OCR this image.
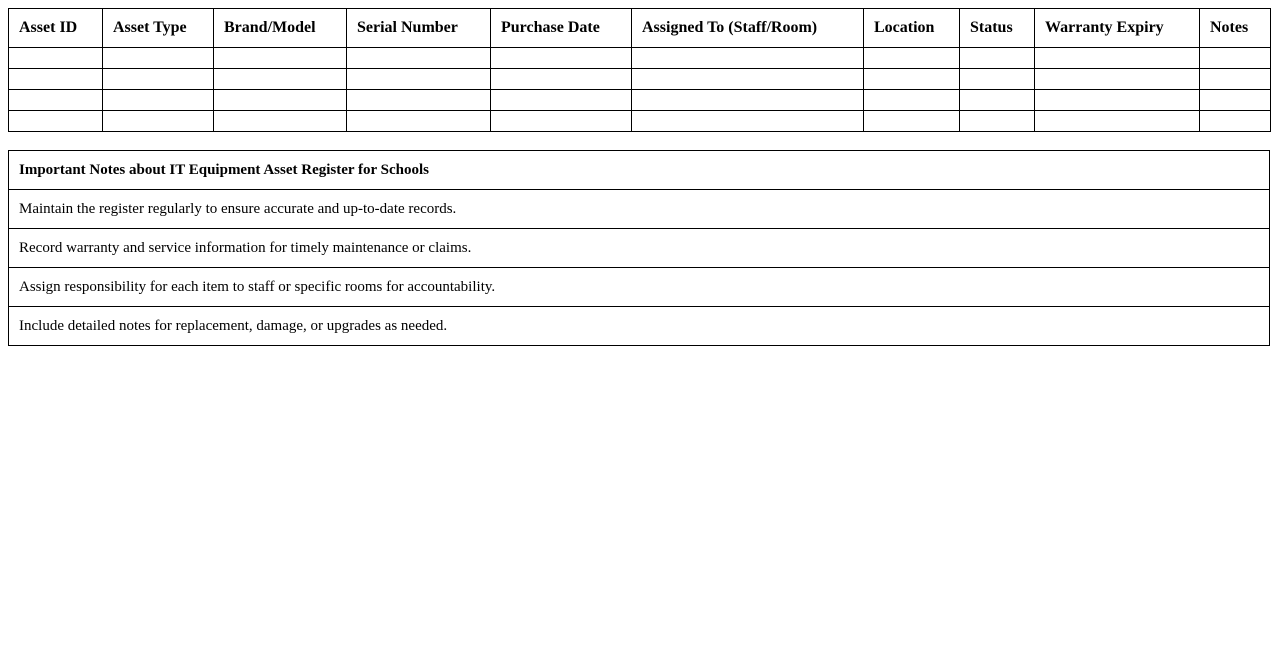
Asset ID	Asset Type	Brand/Model	Serial Number	Purchase Date	Assigned To (Staff/Room)	Location	Status	Warranty Expiry	Notes

Important Notes about IT Equipment Asset Register for Schools
Maintain the register regularly to ensure accurate and up-to-date records.
Record warranty and service information for timely maintenance or claims.
Assign responsibility for each item to staff or specific rooms for accountability.
Include detailed notes for replacement, damage, or upgrades as needed.
